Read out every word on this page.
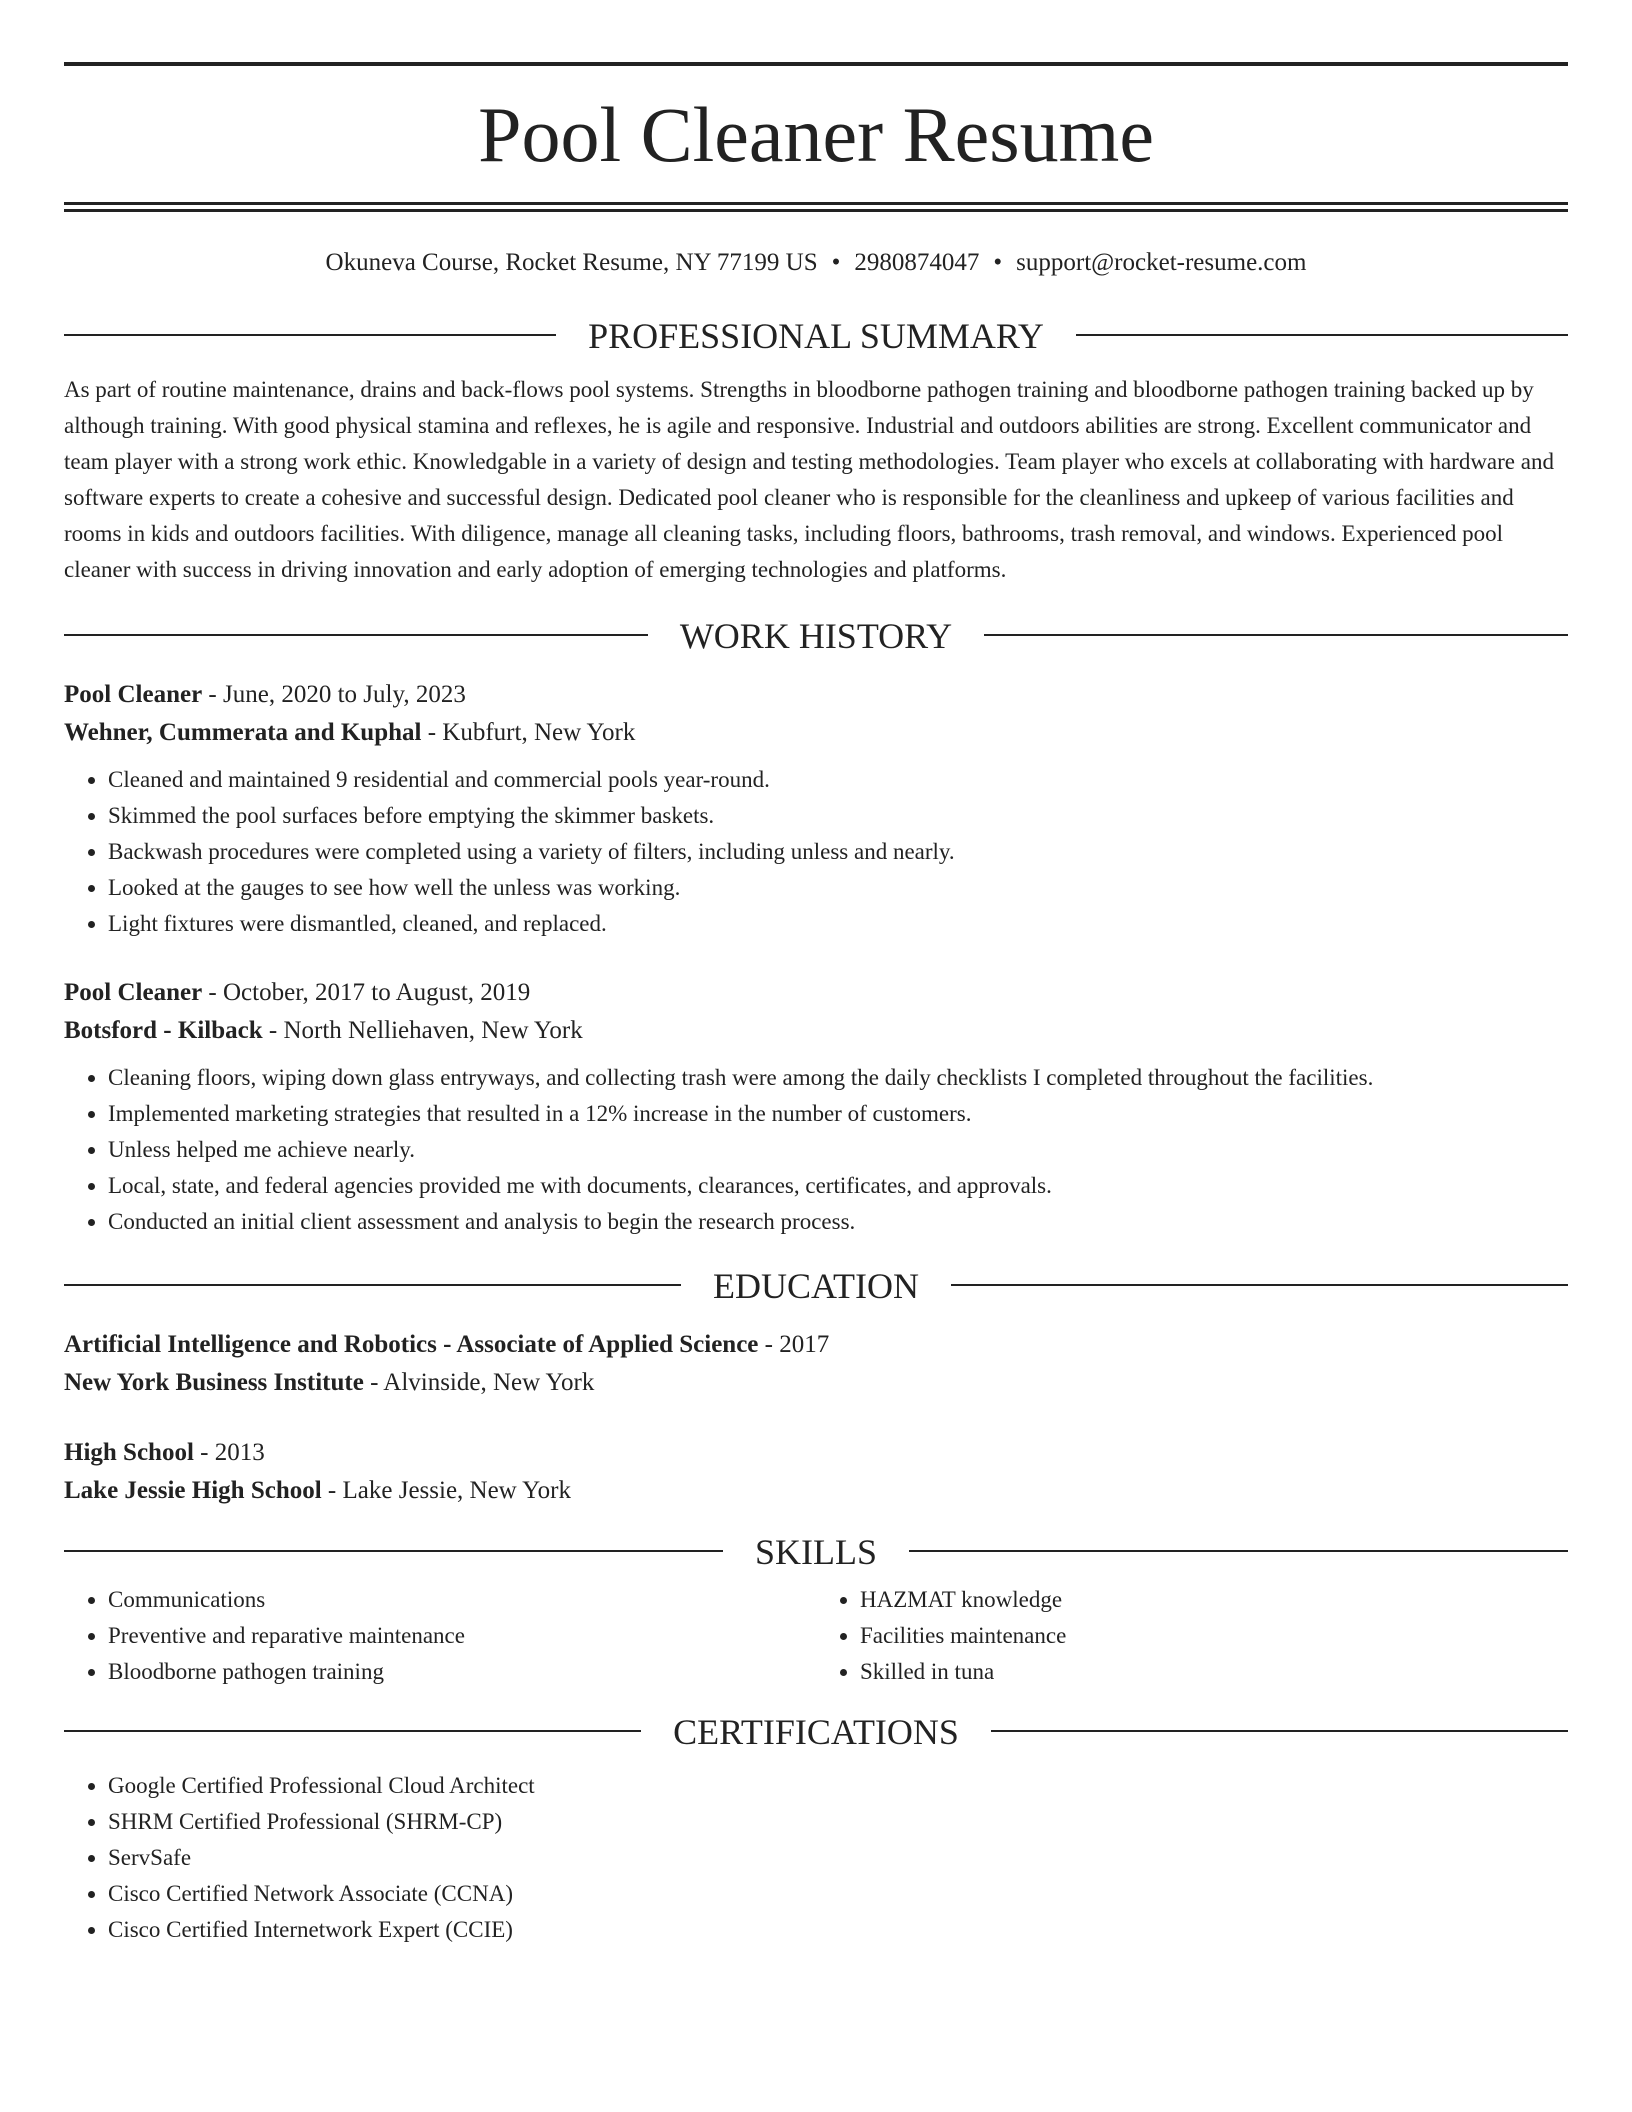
Pool Cleaner Resume
Okuneva Course, Rocket Resume, NY 77199 US • 2980874047 • support@rocket-resume.com
PROFESSIONAL SUMMARY

As part of routine maintenance, drains and back-flows pool systems. Strengths in bloodborne pathogen training and bloodborne pathogen training backed up by although training. With good physical stamina and reflexes, he is agile and responsive. Industrial and outdoors abilities are strong. Excellent communicator and team player with a strong work ethic. Knowledgable in a variety of design and testing methodologies. Team player who excels at collaborating with hardware and software experts to create a cohesive and successful design. Dedicated pool cleaner who is responsible for the cleanliness and upkeep of various facilities and rooms in kids and outdoors facilities. With diligence, manage all cleaning tasks, including floors, bathrooms, trash removal, and windows. Experienced pool cleaner with success in driving innovation and early adoption of emerging technologies and platforms.

WORK HISTORY
Pool Cleaner - June, 2020 to July, 2023
Wehner, Cummerata and Kuphal - Kubfurt, New York
• Cleaned and maintained 9 residential and commercial pools year-round.
• Skimmed the pool surfaces before emptying the skimmer baskets.
• Backwash procedures were completed using a variety of filters, including unless and nearly.
• Looked at the gauges to see how well the unless was working.
• Light fixtures were dismantled, cleaned, and replaced.
Pool Cleaner - October, 2017 to August, 2019
Botsford - Kilback - North Nelliehaven, New York
• Cleaning floors, wiping down glass entryways, and collecting trash were among the daily checklists I completed throughout the facilities.
• Implemented marketing strategies that resulted in a 12% increase in the number of customers.
• Unless helped me achieve nearly.
• Local, state, and federal agencies provided me with documents, clearances, certificates, and approvals.
• Conducted an initial client assessment and analysis to begin the research process.
EDUCATION
Artificial Intelligence and Robotics - Associate of Applied Science - 2017
New York Business Institute - Alvinside, New York
High School - 2013
Lake Jessie High School - Lake Jessie, New York
SKILLS
• Communications
• Preventive and reparative maintenance
• Bloodborne pathogen training
• HAZMAT knowledge
• Facilities maintenance
• Skilled in tuna
CERTIFICATIONS
• Google Certified Professional Cloud Architect
• SHRM Certified Professional (SHRM-CP)
• ServSafe
• Cisco Certified Network Associate (CCNA)
• Cisco Certified Internetwork Expert (CCIE)
